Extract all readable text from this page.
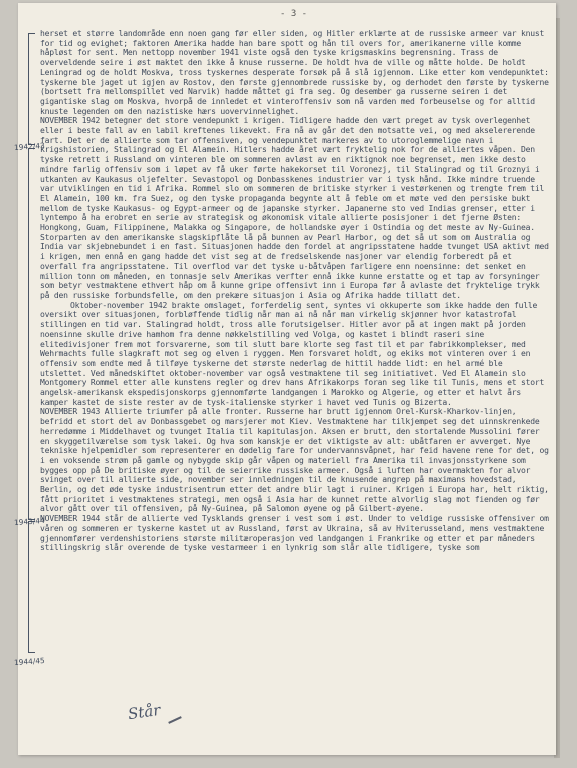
- 3 -

herset et større landområde enn noen gang før eller siden, og Hitler erklærte at de russiske armeer var knust for tid og evighet; faktoren Amerika hadde han bare spott og hån til overs for, amerikanerne ville komme håpløst for sent. Men nettopp november 1941 viste også den tyske krigsmaskins begrensning. Trass de overveldende seire i øst maktet den ikke å knuse russerne. De holdt hva de ville og måtte holde. De holdt Leningrad og de holdt Moskva, tross tyskernes desperate forsøk på å slå igjennom. Like etter kom vendepunktet: tyskerne ble jaget ut igjen av Rostov, den første gjennombrede russiske by, og derhodet den første by tyskerne (bortsett fra mellomspillet ved Narvik) hadde måttet gi fra seg. Og desember ga russerne seiren i det gigantiske slag om Moskva, hvorpå de innledet et vinteroffensiv som nå varden med forbeuselse og for alltid knuste legenden om den nazistiske hærs uovervinnelighet.

NOVEMBER 1942 betegner det store vendepunkt i krigen. Tidligere hadde den vært preget av tysk overlegenhet eller i beste fall av en labil kreftenes likevekt. Fra nå av går det den motsatte vei, og med akselererende fart. Det er de allierte som tar offensiven, og vendepunktet markeres av to utoroglemmelige navn i krigshistorien, Stalingrad og El Alamein. Hitlers hadde året vært fryktelig nok for de alliertes våpen. Den tyske retrett i Russland om vinteren ble om sommeren avløst av en riktignok noe begrenset, men ikke desto mindre farlig offensiv som i løpet av få uker førte hakekorset til Voronezj, til Stalingrad og til Groznyi i utkanten av Kaukasus oljefelter. Sevastopol og Donbasskenes industrier var i tysk hånd. Ikke mindre truende var utviklingen en tid i Afrika. Rommel slo om sommeren de britiske styrker i vestørkenen og trengte frem til El Alamein, 100 km. fra Suez, og den tyske propaganda begynte alt å feble om et møte ved den persiske bukt mellom de tyske Kaukasus- og Egypt-armeer og de japanske styrker. Japanerne sto ved Indias grenser, etter i lyntempo å ha erobret en serie av strategisk og økonomisk vitale allierte posisjoner i det fjerne Østen: Hongkong, Guam, Filippinene, Malakka og Singapore, de hollandske øyer i Ostindia og det meste av Ny-Guinea. Storparten av den amerikanske slagskipflåte lå på bunnen av Pearl Harbor, og det så ut som om Australia og India var skjebnebundet i en fast. Situasjonen hadde den fordel at angripsstatene hadde tvunget USA aktivt med i krigen, men ennå en gang hadde det vist seg at de fredselskende nasjoner var elendig forberedt på et overfall fra angripsstatene. Til overflod var det tyske u-båtvåpen farligere enn noensinne: det senket en million tonn om måneden, en tonnasje selv Amerikas verfter ennå ikke kunne erstatte og et tap av forsyninger som betyr vestmaktene ethvert håp om å kunne gripe offensivt inn i Europa før å avlaste det fryktelige trykk på den russiske forbundsfelle, om den prekære situasjon i Asia og Afrika hadde tillatt det.

Oktober-november 1942 brakte omslaget, forferdelig sent, syntes vi okkuperte som ikke hadde den fulle oversikt over situasjonen, forbløffende tidlig når man ai nå når man virkelig skjønner hvor katastrofal stillingen en tid var. Stalingrad holdt, tross alle forutsigelser. Hitler avor på at ingen makt på jorden noensinne skulle drive hamhom fra denne nøkkelstilling ved Volga, og kastet i blindt raseri sine elitedivisjoner frem mot forsvarerne, som til slutt bare klorte seg fast til et par fabrikkomplekser, med Wehrmachts fulle slagkraft mot seg og elven i ryggen. Men forsvaret holdt, og ekiks mot vinteren over i en offensiv som endte med å tilføye tyskerne det største nederlag de hittil hadde lidt: en hel armé ble utslettet. Ved månedskiftet oktober-november var også vestmaktene til seg initiativet. Ved El Alamein slo Montgomery Rommel etter alle kunstens regler og drev hans Afrikakorps foran seg like til Tunis, mens et stort angelsk-amerikansk ekspedisjonskorps gjennomførte landgangen i Marokko og Algerie, og etter et halvt års kamper kastet de siste rester av de tysk-italienske styrker i havet ved Tunis og Bizerta.

NOVEMBER 1943 Allierte triumfer på alle fronter. Russerne har brutt igjennom Orel-Kursk-Kharkov-linjen, befridd et stort del av Donbassgebet og marsjerer mot Kiev. Vestmaktene har tilkjempet seg det uinnskrenkede herredømme i Middelhavet og tvunget Italia til kapitulasjon. Aksen er brutt, den stortalende Mussolini fører en skyggetilværelse som tysk lakei. Og hva som kanskje er det viktigste av alt: ubåtfaren er avverget. Nye tekniske hjelpemidler som representerer en dødelig fare for undervannsvåpnet, har feid havene rene for det, og i en voksende strøm på gamle og nybygde skip går våpen og materiell fra Amerika til invasjonsstyrkene som bygges opp på De britiske øyer og til de seierrike russiske armeer. Også i luften har overmakten for alvor svinget over til allierte side, november ser innledningen til de knusende angrep på maximans hovedstad, Berlin, og det øde tyske industrisentrum etter det andre blir lagt i ruiner. Krigen i Europa har, helt riktig, fått prioritet i vestmaktenes strategi, men også i Asia har de kunnet rette alvorlig slag mot fienden og før alvor gått over til offensiven, på Ny-Guinea, på Salomon øyene og på Gilbert-øyene.

NOVEMBER 1944 står de allierte ved Tysklands grenser i vest som i øst. Under to veldige russiske offensiver om våren og sommeren er tyskerne kastet ut av Russland, først av Ukraina, så av Hviterusseland, mens vestmaktene gjennomfører verdenshistoriens største militæroperasjon ved landgangen i Frankrike og etter et par måneders stillingskrig slår overende de tyske vestarmeer i en lynkrig som slår alle tidligere, tyske som

1942/43
1943/44
1944/45
Står
